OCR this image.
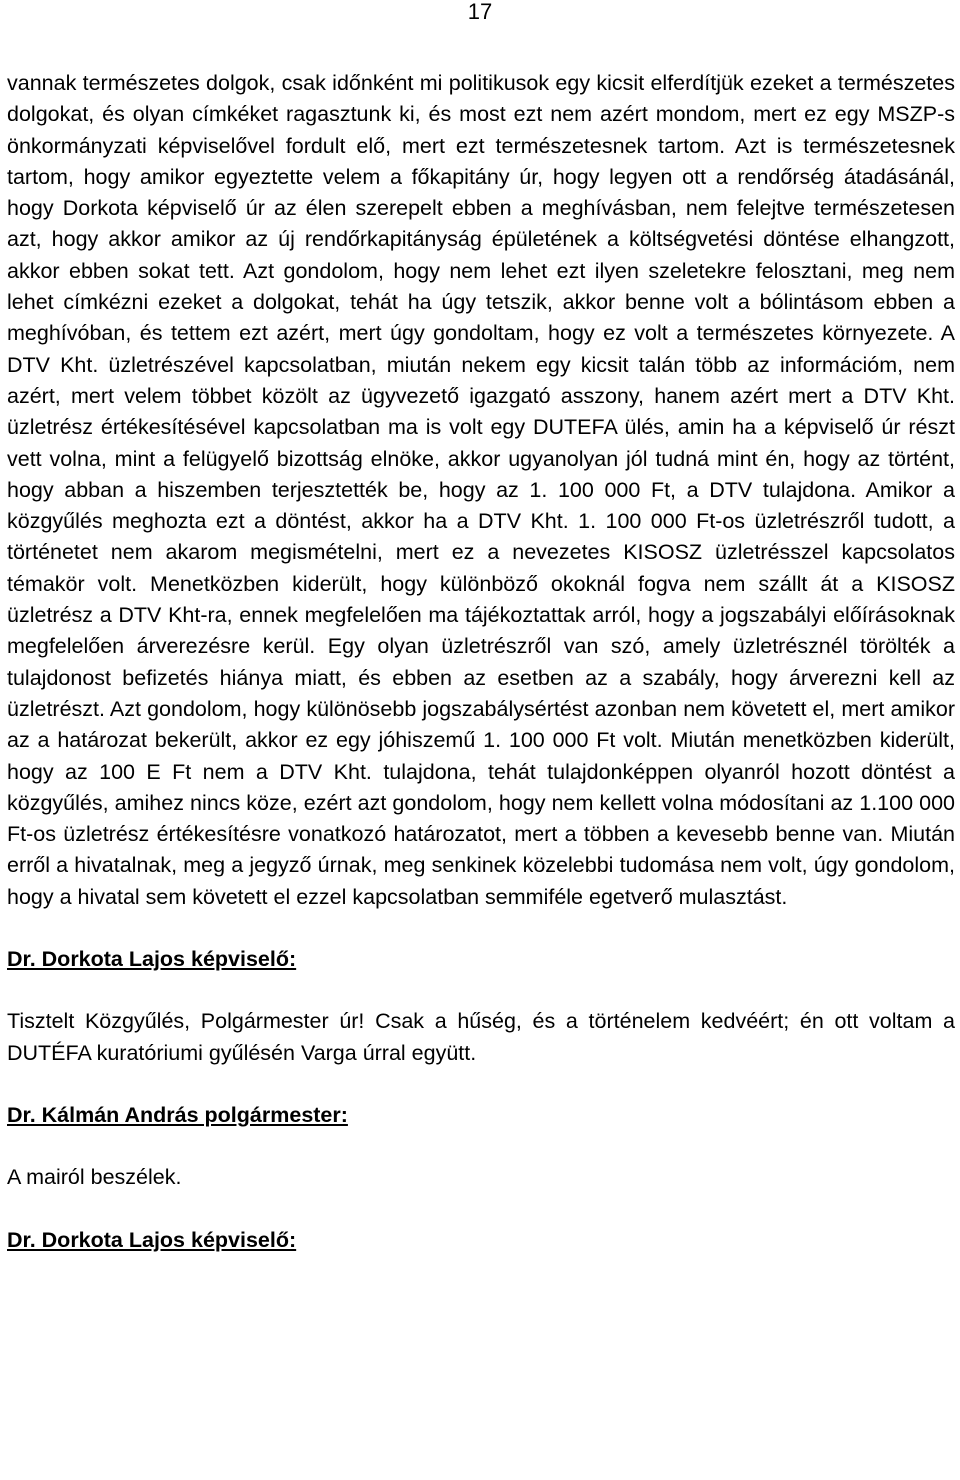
17

vannak természetes dolgok, csak időnként mi politikusok egy kicsit elferdítjük ezeket a természetes dolgokat, és olyan címkéket ragasztunk ki, és most ezt nem azért mondom, mert ez egy MSZP-s önkormányzati képviselővel fordult elő, mert ezt természetesnek tartom. Azt is természetesnek tartom, hogy amikor egyeztette velem a főkapitány úr, hogy legyen ott a rendőrség átadásánál, hogy Dorkota képviselő úr az élen szerepelt ebben a meghívásban, nem felejtve természetesen azt, hogy akkor amikor az új rendőrkapitányság épületének a költségvetési döntése elhangzott, akkor ebben sokat tett. Azt gondolom, hogy nem lehet ezt ilyen szeletekre felosztani, meg nem lehet címkézni ezeket a dolgokat, tehát ha úgy tetszik, akkor benne volt a bólintásom ebben a meghívóban, és tettem ezt azért, mert úgy gondoltam, hogy ez volt a természetes környezete. A DTV Kht. üzletrészével kapcsolatban, miután nekem egy kicsit talán több az információm, nem azért, mert velem többet közölt az ügyvezető igazgató asszony, hanem azért mert a DTV Kht. üzletrész értékesítésével kapcsolatban ma is volt egy DUTEFA ülés, amin ha a képviselő úr részt vett volna, mint a felügyelő bizottság elnöke, akkor ugyanolyan jól tudná mint én, hogy az történt, hogy abban a hiszemben terjesztették be, hogy az 1. 100 000 Ft, a DTV tulajdona. Amikor a közgyűlés meghozta ezt a döntést, akkor ha a DTV Kht. 1. 100 000 Ft-os üzletrészről tudott, a történetet nem akarom megismételni, mert ez a nevezetes KISOSZ üzletrésszel kapcsolatos témakör volt. Menetközben kiderült, hogy különböző okoknál fogva nem szállt át a KISOSZ üzletrész a DTV Kht-ra, ennek megfelelően ma tájékoztattak arról, hogy a jogszabályi előírásoknak megfelelően árverezésre kerül. Egy olyan üzletrészről van szó, amely üzletrésznél törölték a tulajdonost befizetés hiánya miatt, és ebben az esetben az a szabály, hogy árverezni kell az üzletrészt. Azt gondolom, hogy különösebb jogszabálysértést azonban nem követett el, mert amikor az a határozat bekerült, akkor ez egy jóhiszemű 1. 100 000 Ft volt. Miután menetközben kiderült, hogy az 100 E Ft nem a DTV Kht. tulajdona, tehát tulajdonképpen olyanról hozott döntést a közgyűlés, amihez nincs köze, ezért azt gondolom, hogy nem kellett volna módosítani az 1.100 000 Ft-os üzletrész értékesítésre vonatkozó határozatot, mert a többen a kevesebb benne van. Miután erről a hivatalnak, meg a jegyző úrnak, meg senkinek közelebbi tudomása nem volt, úgy gondolom, hogy a hivatal sem követett el ezzel kapcsolatban semmiféle egetverő mulasztást.

Dr. Dorkota Lajos képviselő:

Tisztelt Közgyűlés, Polgármester úr! Csak a hűség, és a történelem kedvéért; én ott voltam a DUTÉFA kuratóriumi gyűlésén Varga úrral együtt.

Dr. Kálmán András polgármester:

A mairól beszélek.

Dr. Dorkota Lajos képviselő:
